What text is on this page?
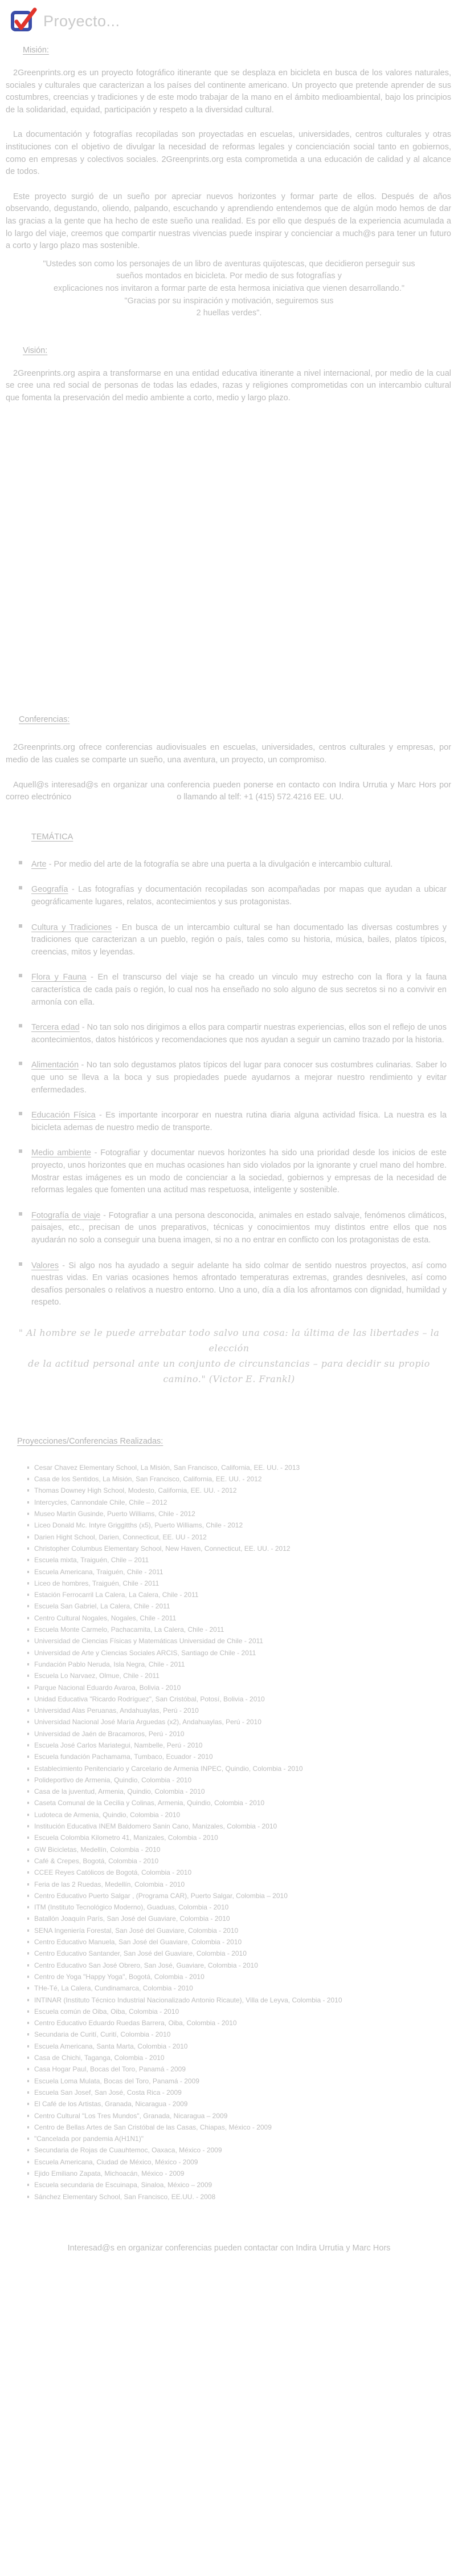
Proyecto...
Misión:

2Greenprints.org es un proyecto fotográfico itinerante que se desplaza en bicicleta en busca de los valores naturales, sociales y culturales que caracterizan a los países del continente americano. Un proyecto que pretende aprender de sus costumbres, creencias y tradiciones y de este modo trabajar de la mano en el ámbito medioambiental, bajo los principios de la solidaridad, equidad, participación y respeto a la diversidad cultural.

La documentación y fotografías recopiladas son proyectadas en escuelas, universidades, centros culturales y otras instituciones con el objetivo de divulgar la necesidad de reformas legales y concienciación social tanto en gobiernos, como en empresas y colectivos sociales. 2Greenprints.org esta comprometida a una educación de calidad y al alcance de todos.

Este proyecto surgió de un sueño por apreciar nuevos horizontes y formar parte de ellos. Después de años observando, degustando, oliendo, palpando, escuchando y aprendiendo entendemos que de algún modo hemos de dar las gracias a la gente que ha hecho de este sueño una realidad. Es por ello que después de la experiencia acumulada a lo largo del viaje, creemos que compartir nuestras vivencias puede inspirar y concienciar a much@s para tener un futuro a corto y largo plazo mas sostenible.

"Ustedes son como los personajes de un libro de aventuras quijotescas, que decidieron perseguir sus
sueños montados en bicicleta. Por medio de sus fotografías y
explicaciones nos invitaron a formar parte de esta hermosa iniciativa que vienen desarrollando."
"Gracias por su inspiración y motivación, seguiremos sus
2 huellas verdes".
Visión:

2Greenprints.org aspira a transformarse en una entidad educativa itinerante a nivel internacional, por medio de la cual se cree una red social de personas de todas las edades, razas y religiones comprometidas con un intercambio cultural que fomenta la preservación del medio ambiente a corto, medio y largo plazo.

Conferencias:

2Greenprints.org ofrece conferencias audiovisuales en escuelas, universidades, centros culturales y empresas, por medio de las cuales se comparte un sueño, una aventura, un proyecto, un compromiso.

Aquell@s interesad@s en organizar una conferencia pueden ponerse en contacto con Indira Urrutia y Marc Hors por correo electrónico	o llamando al telf: +1 (415) 572.4216 EE. UU.

TEMÁTICA
Arte - Por medio del arte de la fotografía se abre una puerta a la divulgación e intercambio cultural.
Geografía - Las fotografías y documentación recopiladas son acompañadas por mapas que ayudan a ubicar geográficamente lugares, relatos, acontecimientos y sus protagonistas.
Cultura y Tradiciones - En busca de un intercambio cultural se han documentado las diversas costumbres y tradiciones que caracterizan a un pueblo, región o país, tales como su historia, música, bailes, platos típicos, creencias, mitos y leyendas.
Flora y Fauna - En el transcurso del viaje se ha creado un vinculo muy estrecho con la flora y la fauna característica de cada país o región, lo cual nos ha enseñado no solo alguno de sus secretos si no a convivir en armonía con ella.
Tercera edad - No tan solo nos dirigimos a ellos para compartir nuestras experiencias, ellos son el reflejo de unos acontecimientos, datos históricos y recomendaciones que nos ayudan a seguir un camino trazado por la historia.
Alimentación - No tan solo degustamos platos típicos del lugar para conocer sus costumbres culinarias. Saber lo que uno se lleva a la boca y sus propiedades puede ayudarnos a mejorar nuestro rendimiento y evitar enfermedades.
Educación Física - Es importante incorporar en nuestra rutina diaria alguna actividad física. La nuestra es la bicicleta ademas de nuestro medio de transporte.
Medio ambiente - Fotografiar y documentar nuevos horizontes ha sido una prioridad desde los inicios de este proyecto, unos horizontes que en muchas ocasiones han sido violados por la ignorante y cruel mano del hombre. Mostrar estas imágenes es un modo de concienciar a la sociedad, gobiernos y empresas de la necesidad de reformas legales que fomenten una actitud mas respetuosa, inteligente y sostenible.
Fotografía de viaje - Fotografiar a una persona desconocida, animales en estado salvaje, fenómenos climáticos, paisajes, etc., precisan de unos preparativos, técnicas y conocimientos muy distintos entre ellos que nos ayudarán no solo a conseguir una buena imagen, si no a no entrar en conflicto con los protagonistas de esta.
Valores - Si algo nos ha ayudado a seguir adelante ha sido colmar de sentido nuestros proyectos, así como nuestras vidas. En varias ocasiones hemos afrontado temperaturas extremas, grandes desniveles, así como desafíos personales o relativos a nuestro entorno. Uno a uno, día a día los afrontamos con dignidad, humildad y respeto.
" Al hombre se le puede arrebatar todo salvo una cosa: la última de las libertades – la elección
de la actitud personal ante un conjunto de circunstancias – para decidir su propio
camino." (Victor E. Frankl)
Proyecciones/Conferencias Realizadas:
Cesar Chavez Elementary School, La Misión, San Francisco, California, EE. UU. - 2013
Casa de los Sentidos, La Misión, San Francisco, California, EE. UU. - 2012
Thomas Downey High School, Modesto, California, EE. UU. - 2012
Intercycles, Cannondale Chile, Chile – 2012
Museo Martín Gusinde, Puerto Williams, Chile - 2012
Liceo Donald Mc. Intyre Griggitths (x5), Puerto Williams, Chile - 2012
Darien Hight School, Darien, Connecticut, EE. UU - 2012
Christopher Columbus Elementary School, New Haven, Connecticut, EE. UU. - 2012
Escuela mixta, Traiguén, Chile – 2011
Escuela Americana, Traiguén, Chile - 2011
Liceo de hombres, Traiguén, Chile - 2011
Estación Ferrocarril La Calera, La Calera, Chile - 2011
Escuela San Gabriel, La Calera, Chile - 2011
Centro Cultural Nogales, Nogales, Chile - 2011
Escuela Monte Carmelo, Pachacamita, La Calera, Chile - 2011
Universidad de Ciencias Físicas y Matemáticas Universidad de Chile - 2011
Universidad de Arte y Ciencias Sociales ARCIS, Santiago de Chile - 2011
Fundación Pablo Neruda, Isla Negra, Chile - 2011
Escuela Lo Narvaez, Olmue, Chile - 2011
Parque Nacional Eduardo Avaroa, Bolivia - 2010
Unidad Educativa "Ricardo Rodríguez", San Cristóbal, Potosí, Bolivia - 2010
Universidad Alas Peruanas, Andahuaylas, Perú - 2010
Universidad Nacional José María Arguedas (x2), Andahuaylas, Perú - 2010
Universidad de Jaén de Bracamoros, Perú - 2010
Escuela José Carlos Mariategui, Nambelle, Perú - 2010
Escuela fundación Pachamama, Tumbaco, Ecuador - 2010
Establecimiento Penitenciario y Carcelario de Armenia INPEC, Quindio, Colombia - 2010
Polideportivo de Armenia, Quindio, Colombia - 2010
Casa de la juventud, Armenia, Quindio, Colombia - 2010
Caseta Comunal de la Cecilia y Colinas, Armenia, Quindio, Colombia - 2010
Ludoteca de Armenia, Quindio, Colombia - 2010
Institución Educativa INEM Baldomero Sanin Cano, Manizales, Colombia - 2010
Escuela Colombia Kilometro 41, Manizales, Colombia - 2010
GW Bicicletas, Medellín, Colombia - 2010
Café & Crepes, Bogotá, Colombia - 2010
CCEE Reyes Católicos de Bogotá, Colombia - 2010
Feria de las 2 Ruedas, Medellín, Colombia - 2010
Centro Educativo Puerto Salgar , (Programa CAR), Puerto Salgar, Colombia – 2010
ITM (Instituto Tecnológico Moderno), Guaduas, Colombia - 2010
Batallón Joaquín París, San José del Guaviare, Colombia - 2010
SENA Ingeniería Forestal, San José del Guaviare, Colombia - 2010
Centro Educativo Manuela, San José del Guaviare, Colombia - 2010
Centro Educativo Santander, San José del Guaviare, Colombia - 2010
Centro Educativo San José Obrero, San José, Guaviare, Colombia - 2010
Centro de Yoga "Happy Yoga", Bogotá, Colombia - 2010
THe-Té, La Calera, Cundinamarca, Colombia - 2010
INTINAR (Instituto Técnico Industrial Nacionalizado Antonio Ricaute), Villa de Leyva, Colombia - 2010
Escuela común de Oiba, Oiba, Colombia - 2010
Centro Educativo Eduardo Ruedas Barrera, Oiba, Colombia - 2010
Secundaria de Curití, Curití, Colombia - 2010
Escuela Americana, Santa Marta, Colombia - 2010
Casa de Chichi, Taganga, Colombia - 2010
Casa Hogar Paul, Bocas del Toro, Panamá - 2009
Escuela Loma Mulata, Bocas del Toro, Panamá - 2009
Escuela San Josef, San José, Costa Rica - 2009
El Café de los Artistas, Granada, Nicaragua - 2009
Centro Cultural "Los Tres Mundos", Granada, Nicaragua – 2009
Centro de Bellas Artes de San Cristóbal de las Casas, Chiapas, México - 2009
"Cancelada por pandemia A(H1N1)"
Secundaria de Rojas de Cuauhtemoc, Oaxaca, México - 2009
Escuela Americana, Ciudad de México, México - 2009
Ejido Emiliano Zapata, Michoacán, México - 2009
Escuela secundaria de Escuinapa, Sinaloa, México – 2009
Sánchez Elementary School, San Francisco, EE.UU. - 2008
Interesad@s en organizar conferencias pueden contactar con Indira Urrutia y Marc Hors
